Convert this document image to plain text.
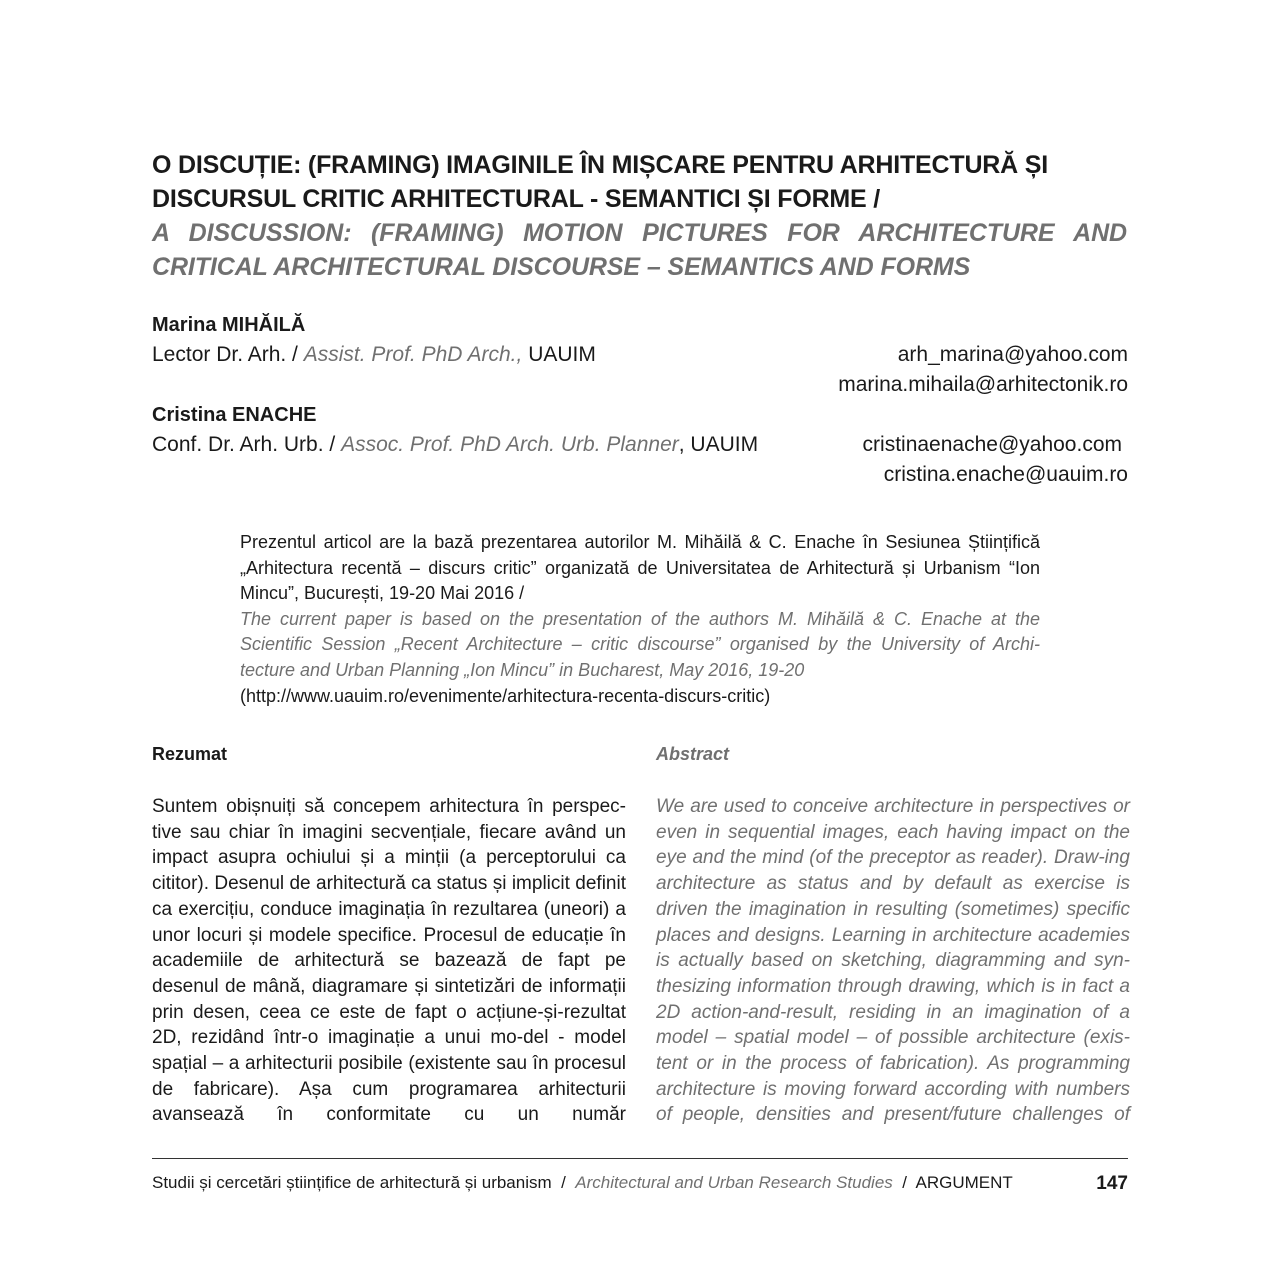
O DISCUȚIE: (FRAMING) IMAGINILE ÎN MIȘCARE PENTRU ARHITECTURĂ ȘI
DISCURSUL CRITIC ARHITECTURAL - SEMANTICI ȘI FORME /
A DISCUSSION: (FRAMING) MOTION PICTURES FOR ARCHITECTURE AND
CRITICAL ARCHITECTURAL DISCOURSE – SEMANTICS AND FORMS
Marina MIHĂILĂ
Lector Dr. Arh. / Assist. Prof. PhD Arch., UAUIM	arh_marina@yahoo.com
marina.mihaila@arhitectonik.ro
Cristina ENACHE
Conf. Dr. Arh. Urb. / Assoc. Prof. PhD Arch. Urb. Planner, UAUIM	cristinaenache@yahoo.com
cristina.enache@uauim.ro
Prezentul articol are la bază prezentarea autorilor M. Mihăilă & C. Enache în Sesiunea Științifică „Arhitectura recentă – discurs critic” organizată de Universitatea de Arhitectură și Urbanism “Ion Mincu”, București, 19-20 Mai 2016 /
The current paper is based on the presentation of the authors M. Mihăilă & C. Enache at the Scientific Session „Recent Architecture – critic discourse” organised by the University of Archi-tecture and Urban Planning „Ion Mincu” in Bucharest, May 2016, 19-20
(http://www.uauim.ro/evenimente/arhitectura-recenta-discurs-critic)
Rezumat	Abstract
Suntem obișnuiți să concepem arhitectura în perspec-tive sau chiar în imagini secvențiale, fiecare având un impact asupra ochiului și a minții (a perceptorului ca cititor). Desenul de arhitectură ca status și implicit definit ca exercițiu, conduce imaginația în rezultarea (uneori) a unor locuri și modele specifice. Procesul de educație în academiile de arhitectură se bazează de fapt pe desenul de mână, diagramare și sintetizări de informații prin desen, ceea ce este de fapt o acțiune-și-rezultat 2D, rezidând într-o imaginație a unui mo-del - model spațial – a arhitecturii posibile (existente sau în procesul de fabricare). Așa cum programarea arhitecturii avansează în conformitate cu un număr
We are used to conceive architecture in perspectives or even in sequential images, each having impact on the eye and the mind (of the preceptor as reader). Draw-ing architecture as status and by default as exercise is driven the imagination in resulting (sometimes) specific places and designs. Learning in architecture academies is actually based on sketching, diagramming and syn-thesizing information through drawing, which is in fact a 2D action-and-result, residing in an imagination of a model – spatial model – of possible architecture (exis-tent or in the process of fabrication). As programming architecture is moving forward according with numbers of people, densities and present/future challenges of
Studii și cercetări științifice de arhitectură și urbanism  /  Architectural and Urban Research Studies  /  ARGUMENT	147
